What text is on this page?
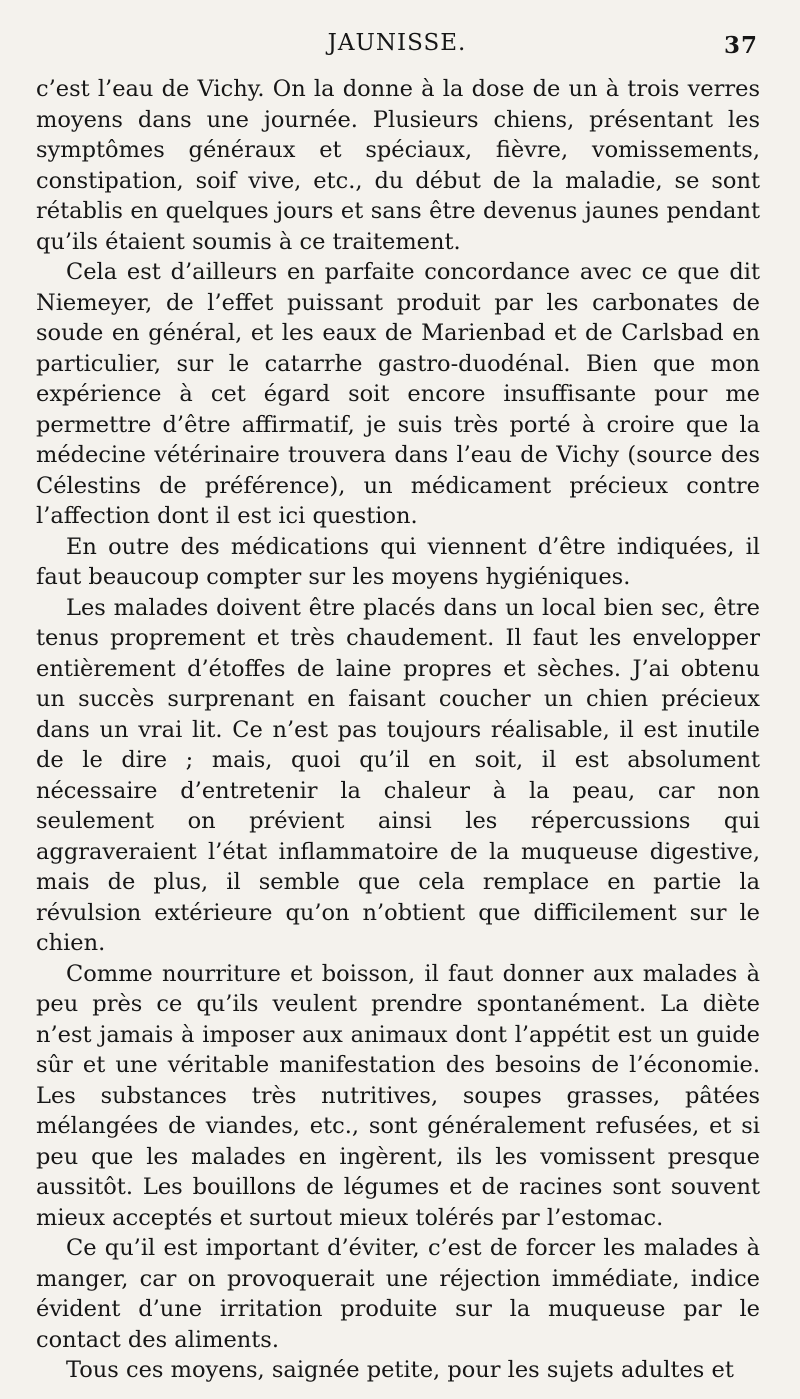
JAUNISSE.	37

c’est l’eau de Vichy. On la donne à la dose de un à trois verres moyens dans une journée. Plusieurs chiens, présentant les symptômes généraux et spéciaux, fièvre, vomissements, constipation, soif vive, etc., du début de la maladie, se sont rétablis en quelques jours et sans être devenus jaunes pendant qu’ils étaient soumis à ce traitement.

Cela est d’ailleurs en parfaite concordance avec ce que dit Niemeyer, de l’effet puissant produit par les carbonates de soude en général, et les eaux de Marienbad et de Carlsbad en particulier, sur le catarrhe gastro-duodénal. Bien que mon expérience à cet égard soit encore insuffisante pour me permettre d’être affirmatif, je suis très porté à croire que la médecine vétérinaire trouvera dans l’eau de Vichy (source des Célestins de préférence), un médicament précieux contre l’affection dont il est ici question.

En outre des médications qui viennent d’être indiquées, il faut beaucoup compter sur les moyens hygiéniques.

Les malades doivent être placés dans un local bien sec, être tenus proprement et très chaudement. Il faut les envelopper entièrement d’étoffes de laine propres et sèches. J’ai obtenu un succès surprenant en faisant coucher un chien précieux dans un vrai lit. Ce n’est pas toujours réalisable, il est inutile de le dire ; mais, quoi qu’il en soit, il est absolument nécessaire d’entretenir la chaleur à la peau, car non seulement on prévient ainsi les répercussions qui aggraveraient l’état inflammatoire de la muqueuse digestive, mais de plus, il semble que cela remplace en partie la révulsion extérieure qu’on n’obtient que difficilement sur le chien.

Comme nourriture et boisson, il faut donner aux malades à peu près ce qu’ils veulent prendre spontanément. La diète n’est jamais à imposer aux animaux dont l’appétit est un guide sûr et une véritable manifestation des besoins de l’économie. Les substances très nutritives, soupes grasses, pâtées mélangées de viandes, etc., sont généralement refusées, et si peu que les malades en ingèrent, ils les vomissent presque aussitôt. Les bouillons de légumes et de racines sont souvent mieux acceptés et surtout mieux tolérés par l’estomac.

Ce qu’il est important d’éviter, c’est de forcer les malades à manger, car on provoquerait une réjection immédiate, indice évident d’une irritation produite sur la muqueuse par le contact des aliments.

Tous ces moyens, saignée petite, pour les sujets adultes et
